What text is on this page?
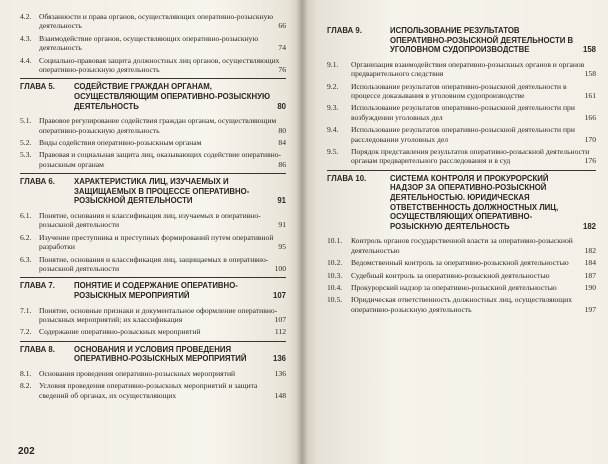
4.2.	Обязанности и права органов, осуществляющих оперативно-розыскную деятельность	66
4.3.	Взаимодействие органов, осуществляющих оперативно-розыскную деятельность	74
4.4.	Социально-правовая защита должностных лиц органов, осуществляющих оперативно-розыскную деятельность	76
ГЛАВА 5.	СОДЕЙСТВИЕ ГРАЖДАН ОРГАНАМ, ОСУЩЕСТВЛЯЮЩИМ ОПЕРАТИВНО-РОЗЫСКНУЮ ДЕЯТЕЛЬНОСТЬ	80
5.1.	Правовое регулирование содействия граждан органам, осуществляющим оперативно-розыскную деятельность	80
5.2.	Виды содействия оперативно-розыскным органам	84
5.3.	Правовая и социальная защита лиц, оказывающих содействие оперативно-розыскным органам	86
ГЛАВА 6.	ХАРАКТЕРИСТИКА ЛИЦ, ИЗУЧАЕМЫХ И ЗАЩИЩАЕМЫХ В ПРОЦЕССЕ ОПЕРАТИВНО-РОЗЫСКНОЙ ДЕЯТЕЛЬНОСТИ	91
6.1.	Понятие, основания и классификация лиц, изучаемых в оперативно-розыскной деятельности	91
6.2.	Изучение преступника и преступных формирований путем оперативной разработки	95
6.3.	Понятие, основания и классификация лиц, защищаемых в оперативно-розыскной деятельности	100
ГЛАВА 7.	ПОНЯТИЕ И СОДЕРЖАНИЕ ОПЕРАТИВНО-РОЗЫСКНЫХ МЕРОПРИЯТИЙ	107
7.1.	Понятие, основные признаки и документальное оформление оперативно-розыскных мероприятий; их классификация	107
7.2.	Содержание оперативно-розыскных мероприятий	112
ГЛАВА 8.	ОСНОВАНИЯ И УСЛОВИЯ ПРОВЕДЕНИЯ ОПЕРАТИВНО-РОЗЫСКНЫХ МЕРОПРИЯТИЙ	136
8.1.	Основания проведения оперативно-розыскных мероприятий	136
8.2.	Условия проведения оперативно-розыскных мероприятий и защита сведений об органах, их осуществляющих	148
202
ГЛАВА 9.	ИСПОЛЬЗОВАНИЕ РЕЗУЛЬТАТОВ ОПЕРАТИВНО-РОЗЫСКНОЙ ДЕЯТЕЛЬНОСТИ В УГОЛОВНОМ СУДОПРОИЗВОДСТВЕ	158
9.1.	Организация взаимодействия оперативно-розыскных органов и органов предварительного следствия	158
9.2.	Использование результатов оперативно-розыскной деятельности в процессе доказывания в уголовном судопроизводстве	161
9.3.	Использование результатов оперативно-розыскной деятельности при возбуждении уголовных дел	166
9.4.	Использование результатов оперативно-розыскной деятельности при расследовании уголовных дел	170
9.5.	Порядок представления результатов оперативно-розыскной деятельности органам предварительного расследования и в суд	176
ГЛАВА 10.	СИСТЕМА КОНТРОЛЯ И ПРОКУРОРСКИЙ НАДЗОР ЗА ОПЕРАТИВНО-РОЗЫСКНОЙ ДЕЯТЕЛЬНОСТЬЮ. ЮРИДИЧЕСКАЯ ОТВЕТСТВЕННОСТЬ ДОЛЖНОСТНЫХ ЛИЦ, ОСУЩЕСТВЛЯЮЩИХ ОПЕРАТИВНО-РОЗЫСКНУЮ ДЕЯТЕЛЬНОСТЬ	182
10.1.	Контроль органов государственной власти за оперативно-розыскной деятельностью	182
10.2.	Ведомственный контроль за оперативно-розыскной деятельностью	184
10.3.	Судебный контроль за оперативно-розыскной деятельностью	187
10.4.	Прокурорский надзор за оперативно-розыскной деятельностью	190
10.5.	Юридическая ответственность должностных лиц, осуществляющих оперативно-розыскную деятельность	197
